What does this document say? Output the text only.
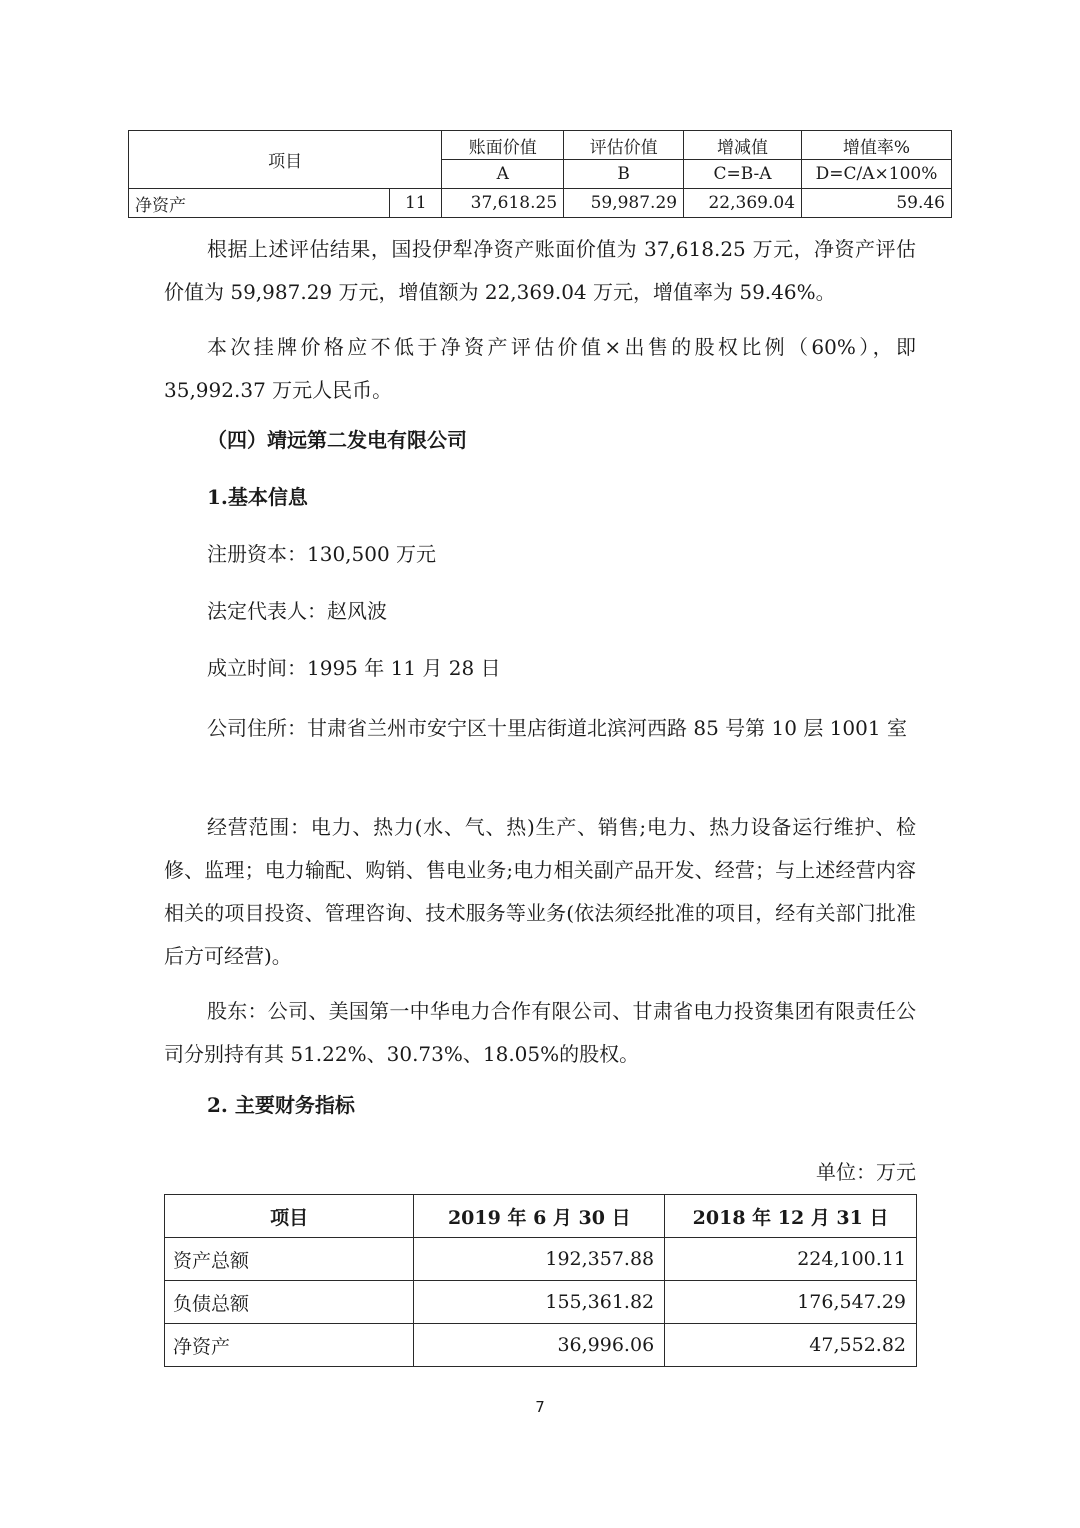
项目		账面价值	评估价值	增减值	增值率%
		A	B	C=B-A	D=C/A×100%
净资产	11	37,618.25	59,987.29	22,369.04	59.46

根据上述评估结果，国投伊犁净资产账面价值为 37,618.25 万元，净资产评估价值为 59,987.29 万元，增值额为 22,369.04 万元，增值率为 59.46%。

本次挂牌价格应不低于净资产评估价值×出售的股权比例（60%），即 35,992.37 万元人民币。

（四）靖远第二发电有限公司

1.基本信息

注册资本：130,500 万元

法定代表人：赵风波

成立时间：1995 年 11 月 28 日

公司住所：甘肃省兰州市安宁区十里店街道北滨河西路 85 号第 10 层 1001 室

经营范围：电力、热力(水、气、热)生产、销售;电力、热力设备运行维护、检修、监理；电力输配、购销、售电业务;电力相关副产品开发、经营；与上述经营内容相关的项目投资、管理咨询、技术服务等业务(依法须经批准的项目，经有关部门批准后方可经营)。

股东：公司、美国第一中华电力合作有限公司、甘肃省电力投资集团有限责任公司分别持有其 51.22%、30.73%、18.05%的股权。

2. 主要财务指标

单位：万元

项目	2019 年 6 月 30 日	2018 年 12 月 31 日
资产总额	192,357.88	224,100.11
负债总额	155,361.82	176,547.29
净资产	36,996.06	47,552.82
7
